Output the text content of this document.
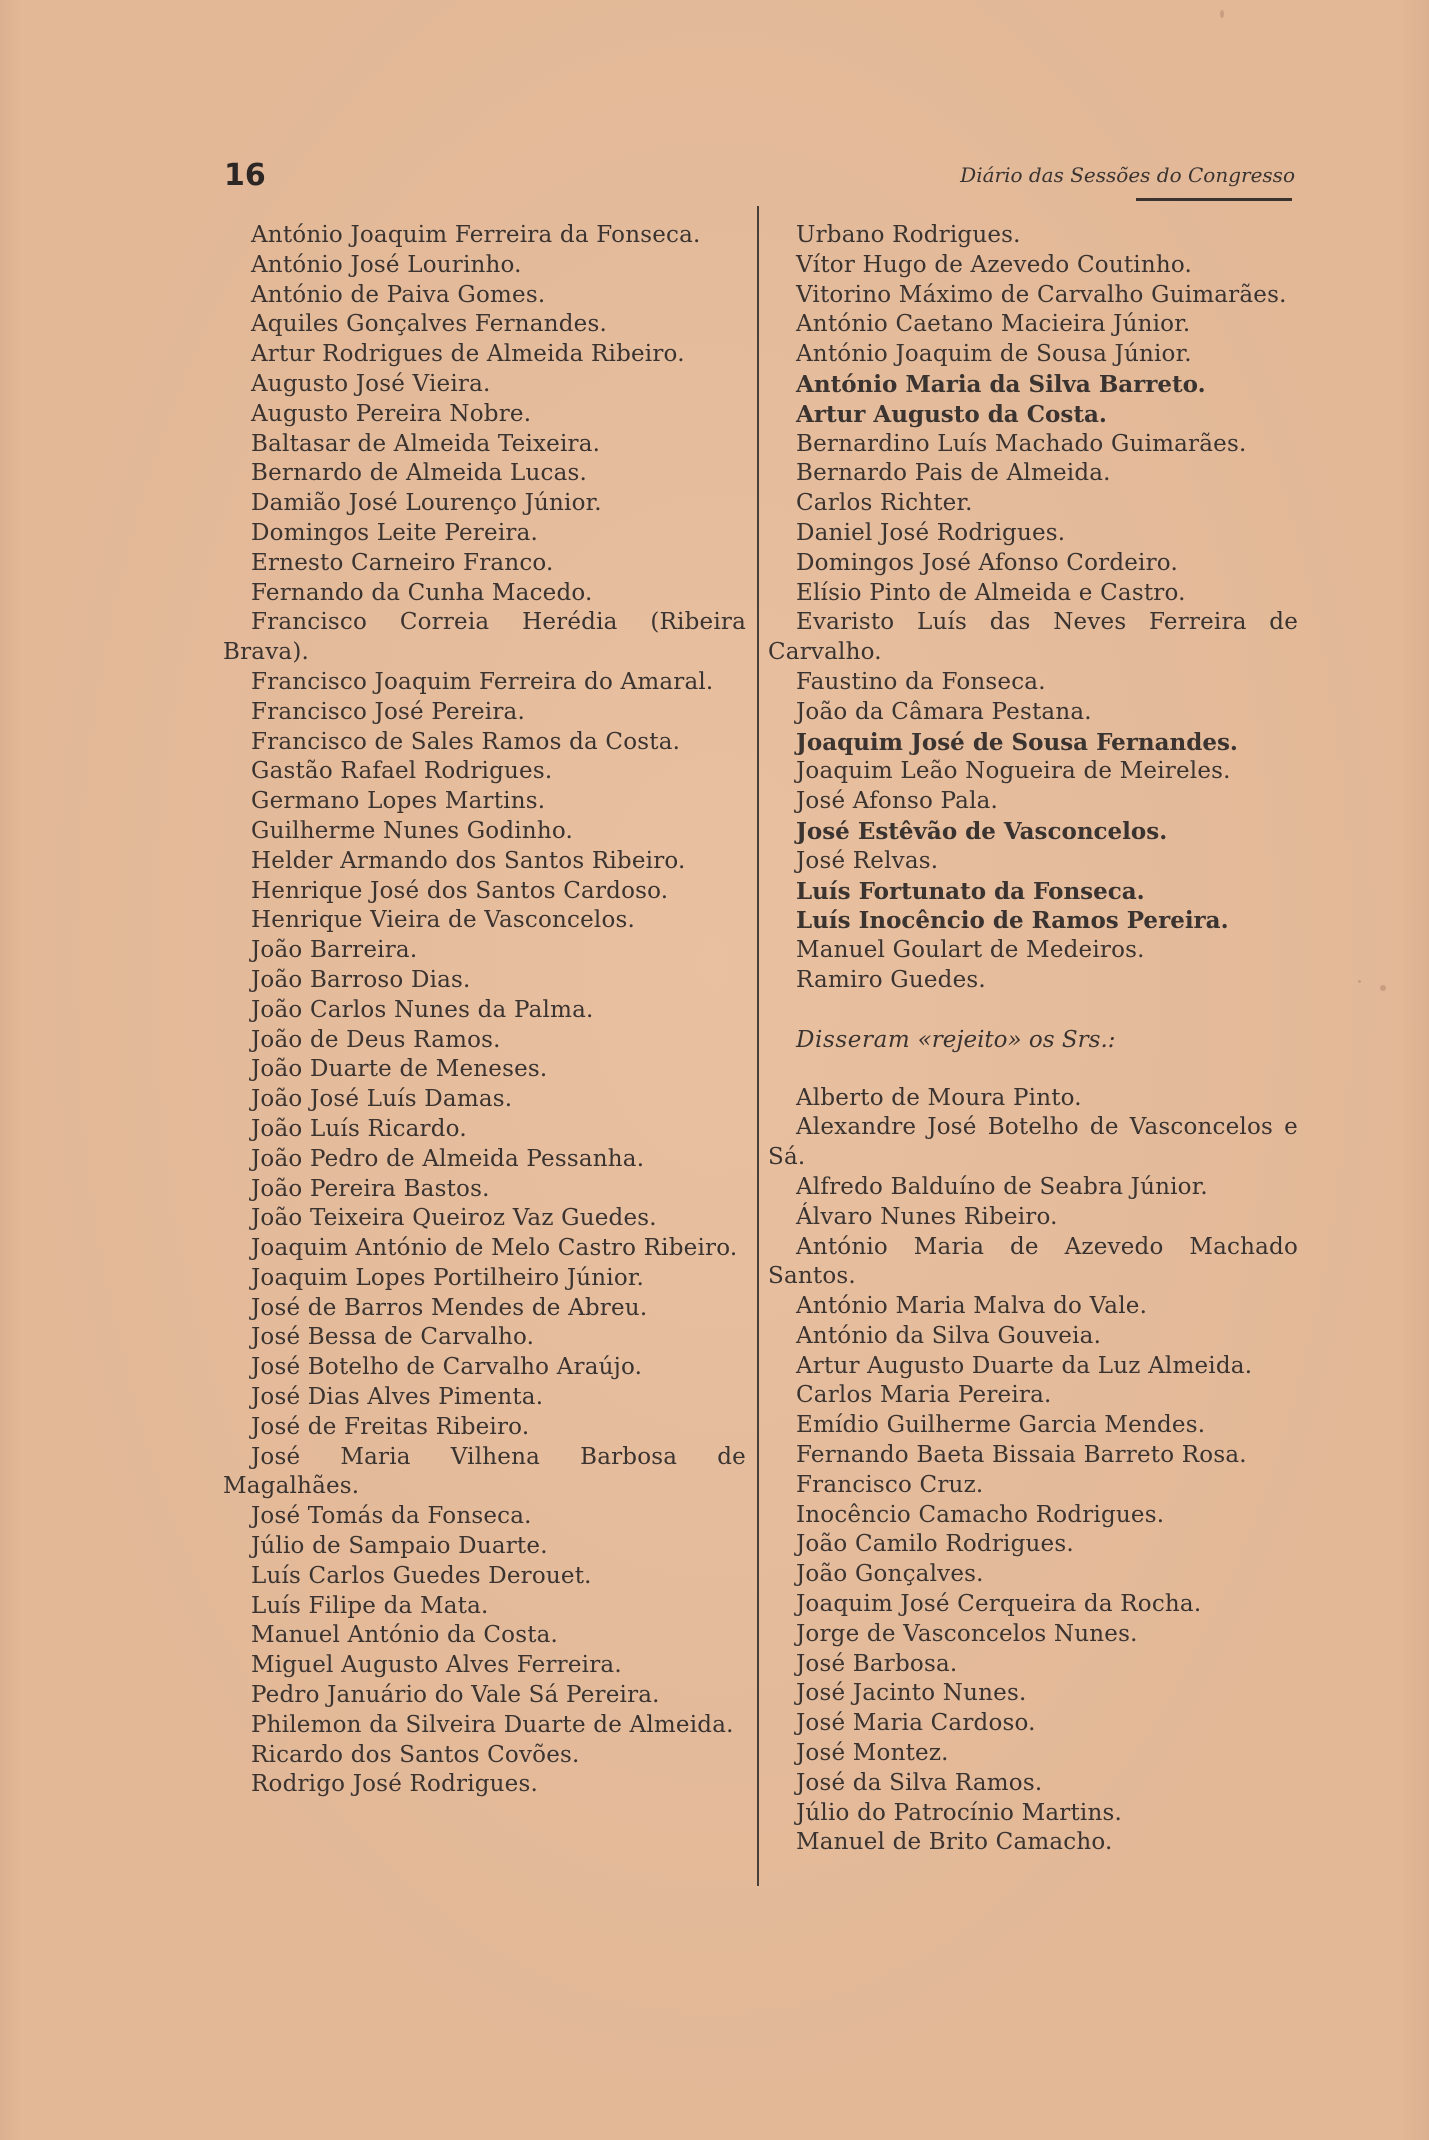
16	Diário das Sessões do Congresso

António Joaquim Ferreira da Fonseca.

António José Lourinho.

António de Paiva Gomes.

Aquiles Gonçalves Fernandes.

Artur Rodrigues de Almeida Ribeiro.

Augusto José Vieira.

Augusto Pereira Nobre.

Baltasar de Almeida Teixeira.

Bernardo de Almeida Lucas.

Damião José Lourenço Júnior.

Domingos Leite Pereira.

Ernesto Carneiro Franco.

Fernando da Cunha Macedo.

Francisco Correia Herédia (Ribeira Brava).

Francisco Joaquim Ferreira do Amaral.

Francisco José Pereira.

Francisco de Sales Ramos da Costa.

Gastão Rafael Rodrigues.

Germano Lopes Martins.

Guilherme Nunes Godinho.

Helder Armando dos Santos Ribeiro.

Henrique José dos Santos Cardoso.

Henrique Vieira de Vasconcelos.

João Barreira.

João Barroso Dias.

João Carlos Nunes da Palma.

João de Deus Ramos.

João Duarte de Meneses.

João José Luís Damas.

João Luís Ricardo.

João Pedro de Almeida Pessanha.

João Pereira Bastos.

João Teixeira Queiroz Vaz Guedes.

Joaquim António de Melo Castro Ribeiro.

Joaquim Lopes Portilheiro Júnior.

José de Barros Mendes de Abreu.

José Bessa de Carvalho.

José Botelho de Carvalho Araújo.

José Dias Alves Pimenta.

José de Freitas Ribeiro.

José Maria Vilhena Barbosa de Magalhães.

José Tomás da Fonseca.

Júlio de Sampaio Duarte.

Luís Carlos Guedes Derouet.

Luís Filipe da Mata.

Manuel António da Costa.

Miguel Augusto Alves Ferreira.

Pedro Januário do Vale Sá Pereira.

Philemon da Silveira Duarte de Almeida.

Ricardo dos Santos Covões.

Rodrigo José Rodrigues.

Urbano Rodrigues.

Vítor Hugo de Azevedo Coutinho.

Vitorino Máximo de Carvalho Guimarães.

António Caetano Macieira Júnior.

António Joaquim de Sousa Júnior.

António Maria da Silva Barreto.

Artur Augusto da Costa.

Bernardino Luís Machado Guimarães.

Bernardo Pais de Almeida.

Carlos Richter.

Daniel José Rodrigues.

Domingos José Afonso Cordeiro.

Elísio Pinto de Almeida e Castro.

Evaristo Luís das Neves Ferreira de Carvalho.

Faustino da Fonseca.

João da Câmara Pestana.

Joaquim José de Sousa Fernandes.

Joaquim Leão Nogueira de Meireles.

José Afonso Pala.

José Estêvão de Vasconcelos.

José Relvas.

Luís Fortunato da Fonseca.

Luís Inocêncio de Ramos Pereira.

Manuel Goulart de Medeiros.

Ramiro Guedes.

Disseram «rejeito» os Srs.:

Alberto de Moura Pinto.

Alexandre José Botelho de Vasconcelos e Sá.

Alfredo Balduíno de Seabra Júnior.

Álvaro Nunes Ribeiro.

António Maria de Azevedo Machado Santos.

António Maria Malva do Vale.

António da Silva Gouveia.

Artur Augusto Duarte da Luz Almeida.

Carlos Maria Pereira.

Emídio Guilherme Garcia Mendes.

Fernando Baeta Bissaia Barreto Rosa.

Francisco Cruz.

Inocêncio Camacho Rodrigues.

João Camilo Rodrigues.

João Gonçalves.

Joaquim José Cerqueira da Rocha.

Jorge de Vasconcelos Nunes.

José Barbosa.

José Jacinto Nunes.

José Maria Cardoso.

José Montez.

José da Silva Ramos.

Júlio do Patrocínio Martins.

Manuel de Brito Camacho.
